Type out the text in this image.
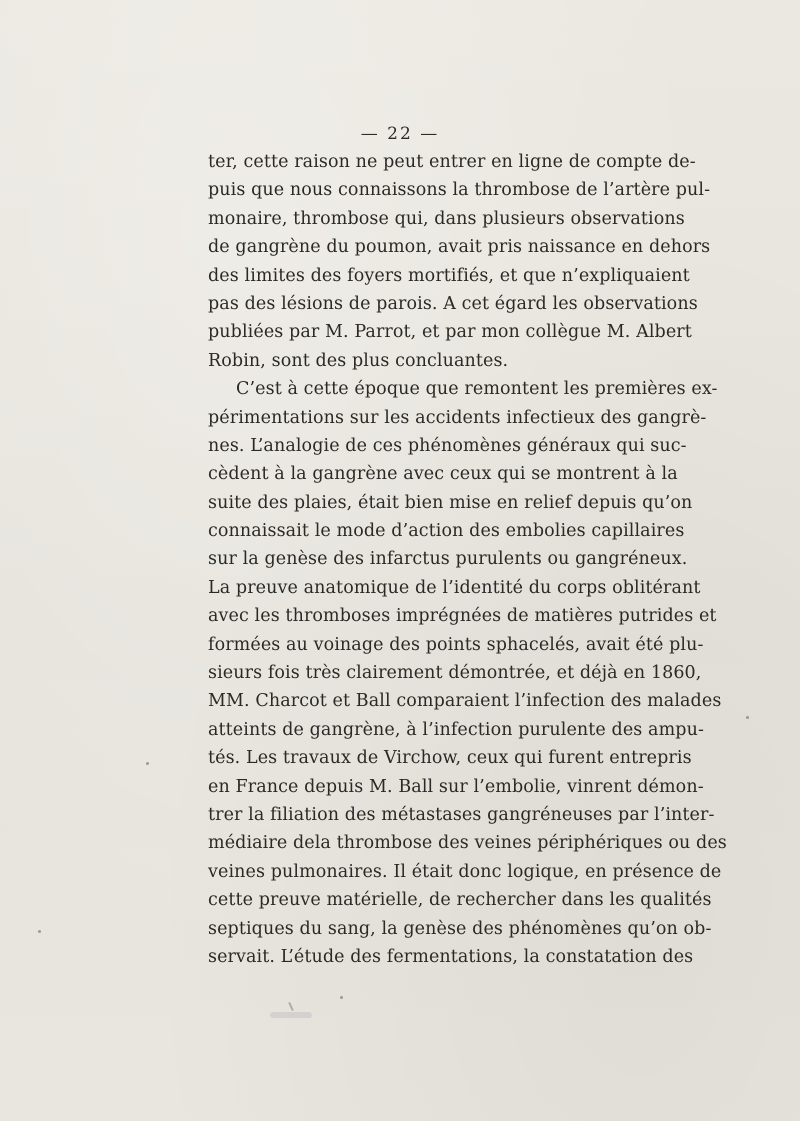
— 22 —
ter, cette raison ne peut entrer en ligne de compte de-
puis que nous connaissons la thrombose de l’artère pul-
monaire, thrombose qui, dans plusieurs observations
de gangrène du poumon, avait pris naissance en dehors
des limites des foyers mortifiés, et que n’expliquaient
pas des lésions de parois. A cet égard les observations
publiées par M. Parrot, et par mon collègue M. Albert
Robin, sont des plus concluantes.
C’est à cette époque que remontent les premières ex-
périmentations sur les accidents infectieux des gangrè-
nes. L’analogie de ces phénomènes généraux qui suc-
cèdent à la gangrène avec ceux qui se montrent à la
suite des plaies, était bien mise en relief depuis qu’on
connaissait le mode d’action des embolies capillaires
sur la genèse des infarctus purulents ou gangréneux.
La preuve anatomique de l’identité du corps oblitérant
avec les thromboses imprégnées de matières putrides et
formées au voinage des points sphacelés, avait été plu-
sieurs fois très clairement démontrée, et déjà en 1860,
MM. Charcot et Ball comparaient l’infection des malades
atteints de gangrène, à l’infection purulente des ampu-
tés. Les travaux de Virchow, ceux qui furent entrepris
en France depuis M. Ball sur l’embolie, vinrent démon-
trer la filiation des métastases gangréneuses par l’inter-
médiaire dela thrombose des veines périphériques ou des
veines pulmonaires. Il était donc logique, en présence de
cette preuve matérielle, de rechercher dans les qualités
septiques du sang, la genèse des phénomènes qu’on ob-
servait. L’étude des fermentations, la constatation des
